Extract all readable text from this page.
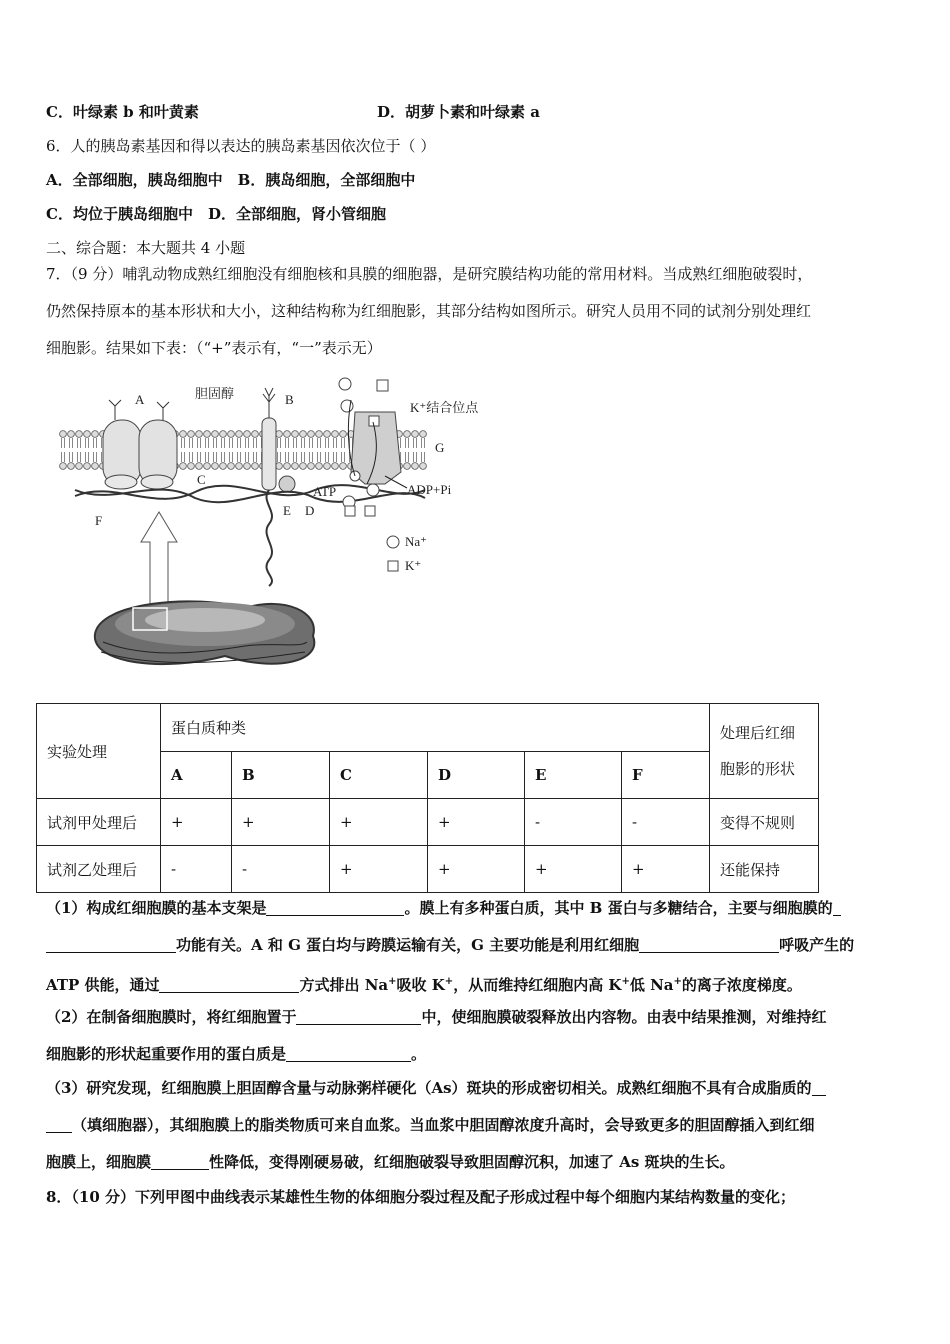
C．叶绿素 b 和叶黄素	D．胡萝卜素和叶绿素 a
6．人的胰岛素基因和得以表达的胰岛素基因依次位于（ ）
A．全部细胞，胰岛细胞中　B．胰岛细胞，全部细胞中
C．均位于胰岛细胞中　D．全部细胞，肾小管细胞
二、综合题：本大题共 4 小题
7．（9 分）哺乳动物成熟红细胞没有细胞核和具膜的细胞器，是研究膜结构功能的常用材料。当成熟红细胞破裂时，
仍然保持原本的基本形状和大小，这种结构称为红细胞影，其部分结构如图所示。研究人员用不同的试剂分别处理红
细胞影。结果如下表：（“+”表示有，“一”表示无）
A	胆固醇	B
K⁺结合位点
G
C
ATP	ADP+Pi
E D
F
Na⁺
K⁺
实验处理	蛋白质种类						处理后红细
胞影的形状
	A	B	C	D	E	F	
试剂甲处理后	+	+	+	+	-	-	变得不规则
试剂乙处理后	-	-	+	+	+	+	还能保持
（1）构成红细胞膜的基本支架是	。膜上有多种蛋白质，其中 B 蛋白与多糖结合，主要与细胞膜的
功能有关。A 和 G 蛋白均与跨膜运输有关，G 主要功能是利用红细胞	呼吸产生的
ATP 供能，通过	方式排出 Na+吸收 K+，从而维持红细胞内高 K+低 Na+的离子浓度梯度。
（2）在制备细胞膜时，将红细胞置于	中，使细胞膜破裂释放出内容物。由表中结果推测，对维持红
细胞影的形状起重要作用的蛋白质是	。
（3）研究发现，红细胞膜上胆固醇含量与动脉粥样硬化（As）斑块的形成密切相关。成熟红细胞不具有合成脂质的
（填细胞器），其细胞膜上的脂类物质可来自血浆。当血浆中胆固醇浓度升高时，会导致更多的胆固醇插入到红细
胞膜上，细胞膜	性降低，变得刚硬易破，红细胞破裂导致胆固醇沉积，加速了 As 斑块的生长。
8．（10 分）下列甲图中曲线表示某雄性生物的体细胞分裂过程及配子形成过程中每个细胞内某结构数量的变化；
